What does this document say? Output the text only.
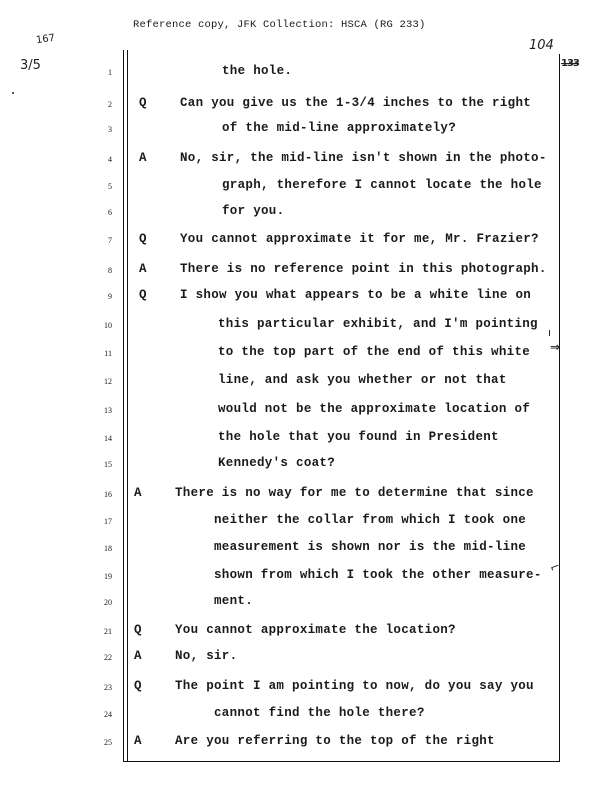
Reference copy, JFK Collection: HSCA (RG 233)
167
3/5
104
133
ı
⇒
⌐
1	the hole.
2 Q	Can you give us the 1-3/4 inches to the right
3	of the mid-line approximately?
4 A	No, sir, the mid-line isn't shown in the photo-
5	graph, therefore I cannot locate the hole
6	for you.
7 Q	You cannot approximate it for me, Mr. Frazier?
8 A	There is no reference point in this photograph.
9 Q	I show you what appears to be a white line on
10	this particular exhibit, and I'm pointing
11	to the top part of the end of this white
12	line, and ask you whether or not that
13	would not be the approximate location of
14	the hole that you found in President
15	Kennedy's coat?
16 A	There is no way for me to determine that since
17	neither the collar from which I took one
18	measurement is shown nor is the mid-line
19	shown from which I took the other measure-
20	ment.
21 Q	You cannot approximate the location?
22 A	No, sir.
23 Q	The point I am pointing to now, do you say you
24	cannot find the hole there?
25 A	Are you referring to the top of the right
